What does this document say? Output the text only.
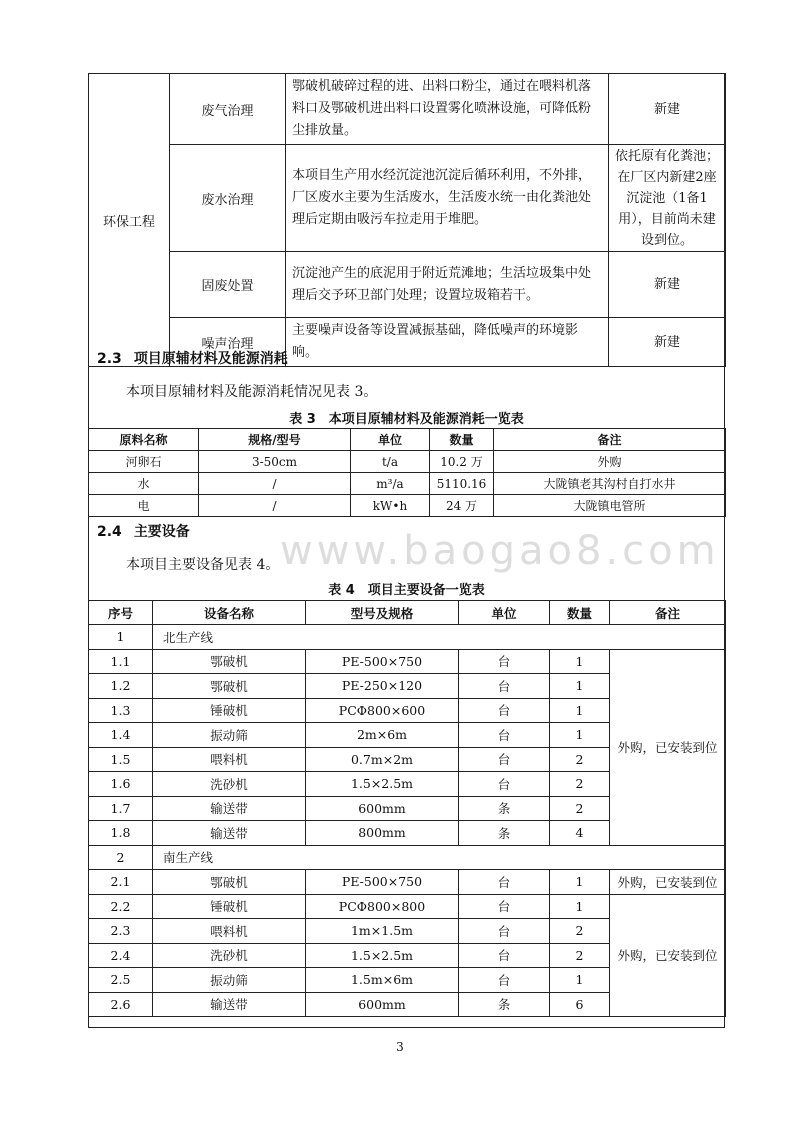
环保工程	废气治理	鄂破机破碎过程的进、出料口粉尘，通过在喂料机落料口及鄂破机进出料口设置雾化喷淋设施，可降低粉尘排放量。	新建
	废水治理	本项目生产用水经沉淀池沉淀后循环利用，不外排，厂区废水主要为生活废水，生活废水统一由化粪池处理后定期由吸污车拉走用于堆肥。	依托原有化粪池；在厂区内新建2座沉淀池（1备1用），目前尚未建设到位。
	固废处置	沉淀池产生的底泥用于附近荒滩地；生活垃圾集中处理后交予环卫部门处理；设置垃圾箱若干。	新建
	噪声治理	主要噪声设备等设置减振基础，降低噪声的环境影响。	新建
2.3 项目原辅材料及能源消耗
本项目原辅材料及能源消耗情况见表 3。
表 3　本项目原辅材料及能源消耗一览表
原料名称	规格/型号	单位	数量	备注
河卵石	3-50cm	t/a	10.2 万	外购
水	/	m³/a	5110.16	大陇镇老其沟村自打水井
电	/	kW•h	24 万	大陇镇电管所
2.4 主要设备 www.baogao8.com
本项目主要设备见表 4。
表 4　项目主要设备一览表
序号	设备名称	型号及规格	单位	数量	备注
1	北生产线				
1.1	鄂破机	PE-500×750	台	1	外购，已安装到位
1.2	鄂破机	PE-250×120	台	1	
1.3	锤破机	PCΦ800×600	台	1	
1.4	振动筛	2m×6m	台	1	
1.5	喂料机	0.7m×2m	台	2	
1.6	洗砂机	1.5×2.5m	台	2	
1.7	输送带	600mm	条	2	
1.8	输送带	800mm	条	4	
2	南生产线				
2.1	鄂破机	PE-500×750	台	1	外购，已安装到位
2.2	锤破机	PCΦ800×800	台	1	外购，已安装到位
2.3	喂料机	1m×1.5m	台	2	
2.4	洗砂机	1.5×2.5m	台	2	
2.5	振动筛	1.5m×6m	台	1	
2.6	输送带	600mm	条	6	
3
